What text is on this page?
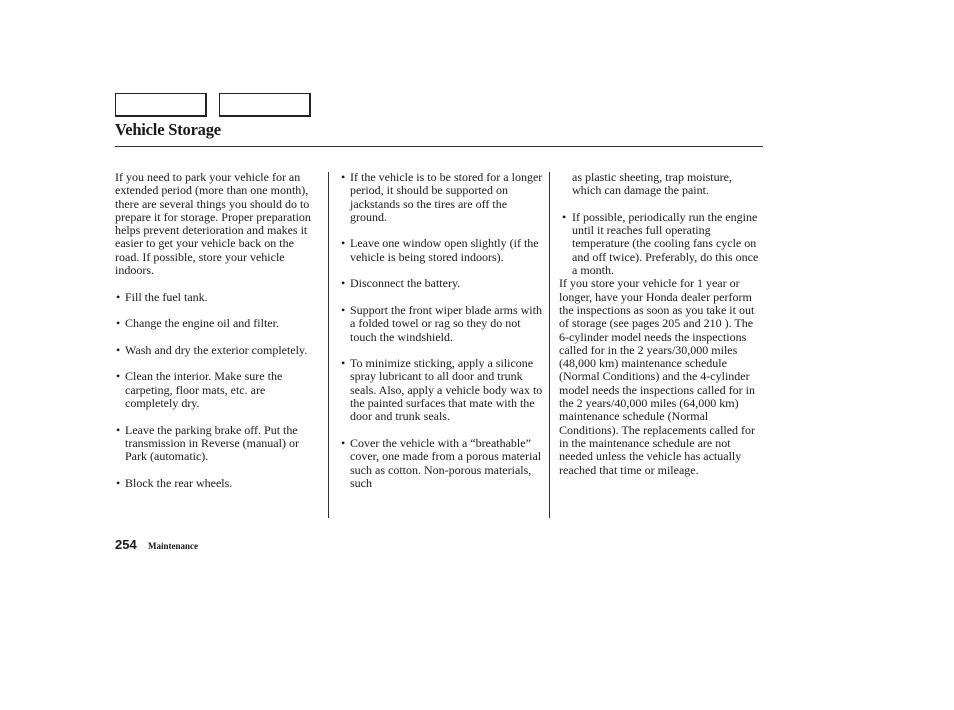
Vehicle Storage

If you need to park your vehicle for an extended period (more than one month), there are several things you should do to prepare it for storage. Proper preparation helps prevent deterioration and makes it easier to get your vehicle back on the road. If possible, store your vehicle indoors.

• Fill the fuel tank.

• Change the engine oil and filter.

• Wash and dry the exterior completely.

• Clean the interior. Make sure the carpeting, floor mats, etc. are completely dry.

• Leave the parking brake off. Put the transmission in Reverse (manual) or Park (automatic).

• Block the rear wheels.

• If the vehicle is to be stored for a longer period, it should be supported on jackstands so the tires are off the ground.

• Leave one window open slightly (if the vehicle is being stored indoors).

• Disconnect the battery.

• Support the front wiper blade arms with a folded towel or rag so they do not touch the windshield.

• To minimize sticking, apply a silicone spray lubricant to all door and trunk seals. Also, apply a vehicle body wax to the painted surfaces that mate with the door and trunk seals.

• Cover the vehicle with a “breathable” cover, one made from a porous material such as cotton. Non-porous materials, such

as plastic sheeting, trap moisture, which can damage the paint.

• If possible, periodically run the engine until it reaches full operating temperature (the cooling fans cycle on and off twice). Preferably, do this once a month.

If you store your vehicle for 1 year or longer, have your Honda dealer perform the inspections as soon as you take it out of storage (see pages 205 and 210 ). The 6-cylinder model needs the inspections called for in the 2 years/30,000 miles (48,000 km) maintenance schedule (Normal Conditions) and the 4-cylinder model needs the inspections called for in the 2 years/40,000 miles (64,000 km) maintenance schedule (Normal Conditions). The replacements called for in the maintenance schedule are not needed unless the vehicle has actually reached that time or mileage.

254 Maintenance
